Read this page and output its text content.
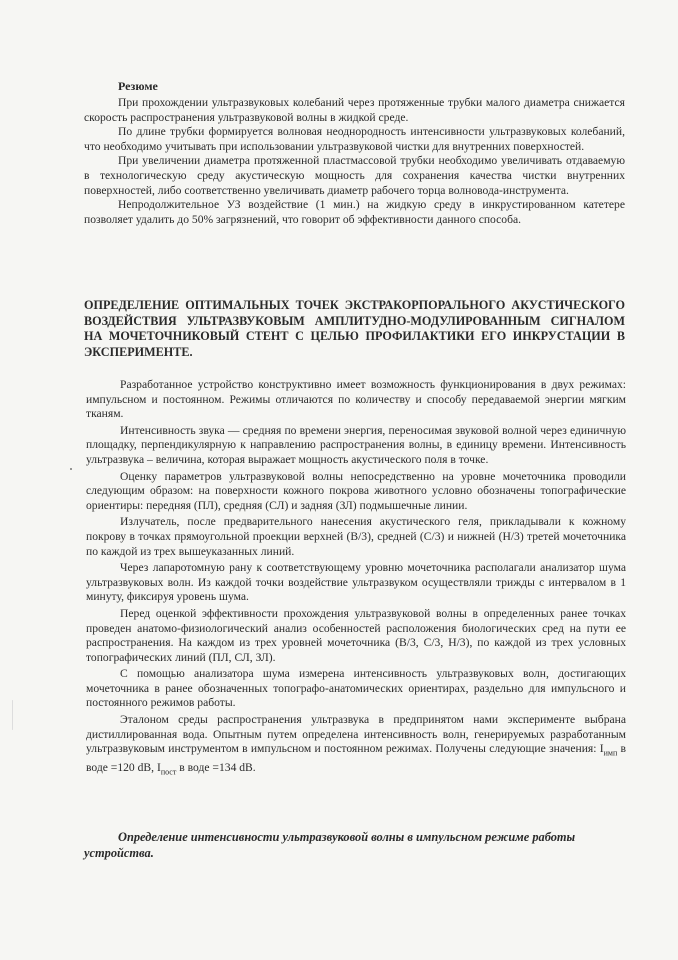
Резюме

При прохождении ультразвуковых колебаний через протяженные трубки малого диаметра снижается скорость распространения ультразвуковой волны в жидкой среде.

По длине трубки формируется волновая неоднородность интенсивности ультразвуковых колебаний, что необходимо учитывать при использовании ультразвуковой чистки для внутренних поверхностей.

При увеличении диаметра протяженной пластмассовой трубки необходимо увеличивать отдаваемую в технологическую среду акустическую мощность для сохранения качества чистки внутренних поверхностей, либо соответственно увеличивать диаметр рабочего торца волновода-инструмента.

Непродолжительное УЗ воздействие (1 мин.) на жидкую среду в инкрустированном катетере позволяет удалить до 50% загрязнений, что говорит об эффективности данного способа.

ОПРЕДЕЛЕНИЕ ОПТИМАЛЬНЫХ ТОЧЕК ЭКСТРАКОРПОРАЛЬНОГО АКУСТИЧЕСКОГО ВОЗДЕЙСТВИЯ УЛЬТРАЗВУКОВЫМ АМПЛИТУДНО-МОДУЛИРОВАННЫМ СИГНАЛОМ НА МОЧЕТОЧНИКОВЫЙ СТЕНТ С ЦЕЛЬЮ ПРОФИЛАКТИКИ ЕГО ИНКРУСТАЦИИ В ЭКСПЕРИМЕНТЕ.

Разработанное устройство конструктивно имеет возможность функционирования в двух режимах: импульсном и постоянном. Режимы отличаются по количеству и способу передаваемой энергии мягким тканям.

Интенсивность звука — средняя по времени энергия, переносимая звуковой волной через единичную площадку, перпендикулярную к направлению распространения волны, в единицу времени. Интенсивность ультразвука – величина, которая выражает мощность акустического поля в точке.

Оценку параметров ультразвуковой волны непосредственно на уровне мочеточника проводили следующим образом: на поверхности кожного покрова животного условно обозначены топографические ориентиры: передняя (ПЛ), средняя (СЛ) и задняя (ЗЛ) подмышечные линии.

Излучатель, после предварительного нанесения акустического геля, прикладывали к кожному покрову в точках прямоугольной проекции верхней (В/3), средней (С/3) и нижней (Н/3) третей мочеточника по каждой из трех вышеуказанных линий.

Через лапаротомную рану к соответствующему уровню мочеточника располагали анализатор шума ультразвуковых волн. Из каждой точки воздействие ультразвуком осуществляли трижды с интервалом в 1 минуту, фиксируя уровень шума.

Перед оценкой эффективности прохождения ультразвуковой волны в определенных ранее точках проведен анатомо-физиологический анализ особенностей расположения биологических сред на пути ее распространения. На каждом из трех уровней мочеточника (В/3, С/3, Н/3), по каждой из трех условных топографических линий (ПЛ, СЛ, ЗЛ).

С помощью анализатора шума измерена интенсивность ультразвуковых волн, достигающих мочеточника в ранее обозначенных топографо-анатомических ориентирах, раздельно для импульсного и постоянного режимов работы.

Эталоном среды распространения ультразвука в предпринятом нами эксперименте выбрана дистиллированная вода. Опытным путем определена интенсивность волн, генерируемых разработанным ультразвуковым инструментом в импульсном и постоянном режимах. Получены следующие значения: $I_{имп}$ в воде =120 dB, $I_{пост}$ в воде =134 dB.

Определение интенсивности ультразвуковой волны в импульсном режиме работы устройства.
